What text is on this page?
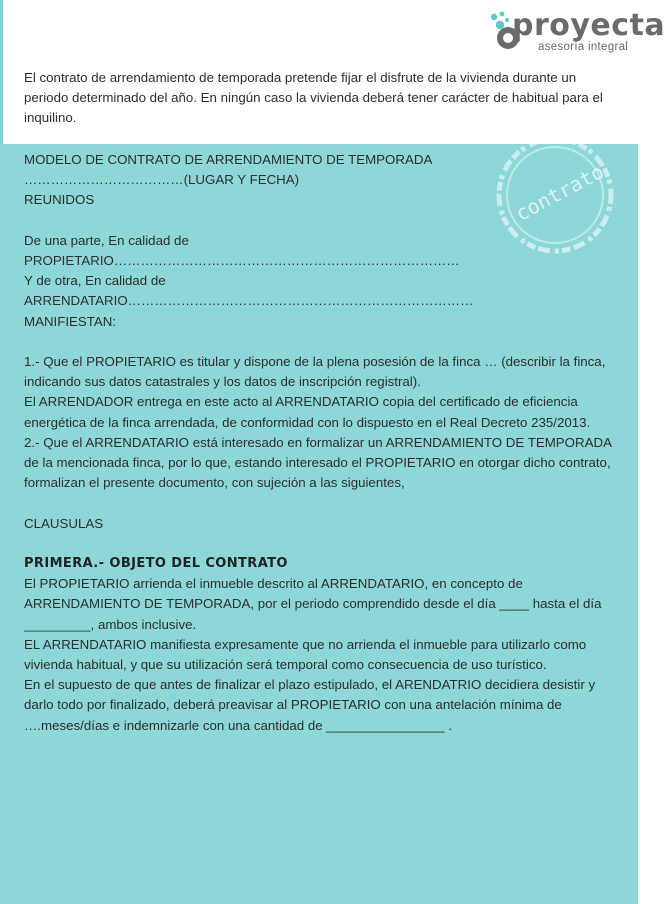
proyecta
asesoría integral
El contrato de arrendamiento de temporada pretende fijar el disfrute de la vivienda durante un periodo determinado del año. En ningún caso la vivienda deberá tener carácter de habitual para el inquilino.
contrato

MODELO DE CONTRATO DE ARRENDAMIENTO DE TEMPORADA

………………………………(LUGAR Y FECHA)

REUNIDOS

De una parte, En calidad de

PROPIETARIO……………………………………………………………………

Y de otra, En calidad de

ARRENDATARIO……………………………………………………………………

MANIFIESTAN:

1.- Que el PROPIETARIO es titular y dispone de la plena posesión de la finca … (describir la finca, indicando sus datos catastrales y los datos de inscripción registral).

El ARRENDADOR entrega en este acto al ARRENDATARIO copia del certificado de eficiencia energética de la finca arrendada, de conformidad con lo dispuesto en el Real Decreto 235/2013.

2.- Que el ARRENDATARIO está interesado en formalizar un ARRENDAMIENTO DE TEMPORADA de la mencionada finca, por lo que, estando interesado el PROPIETARIO en otorgar dicho contrato, formalizan el presente documento, con sujeción a las siguientes,

CLAUSULAS

PRIMERA.- OBJETO DEL CONTRATO

El PROPIETARIO arrienda el inmueble descrito al ARRENDATARIO, en concepto de ARRENDAMIENTO DE TEMPORADA, por el periodo comprendido desde el día ____ hasta el día  _________, ambos inclusive.

EL ARRENDATARIO manifiesta expresamente que no arrienda el inmueble para utilizarlo como vivienda habitual, y que su utilización será temporal como consecuencia de uso turístico.

En el supuesto de que antes de finalizar el plazo estipulado, el ARENDATRIO decidiera desistir y darlo todo por finalizado, deberá preavisar al PROPIETARIO con una antelación mínima de ….meses/días e indemnizarle con una cantidad de ________________ .
